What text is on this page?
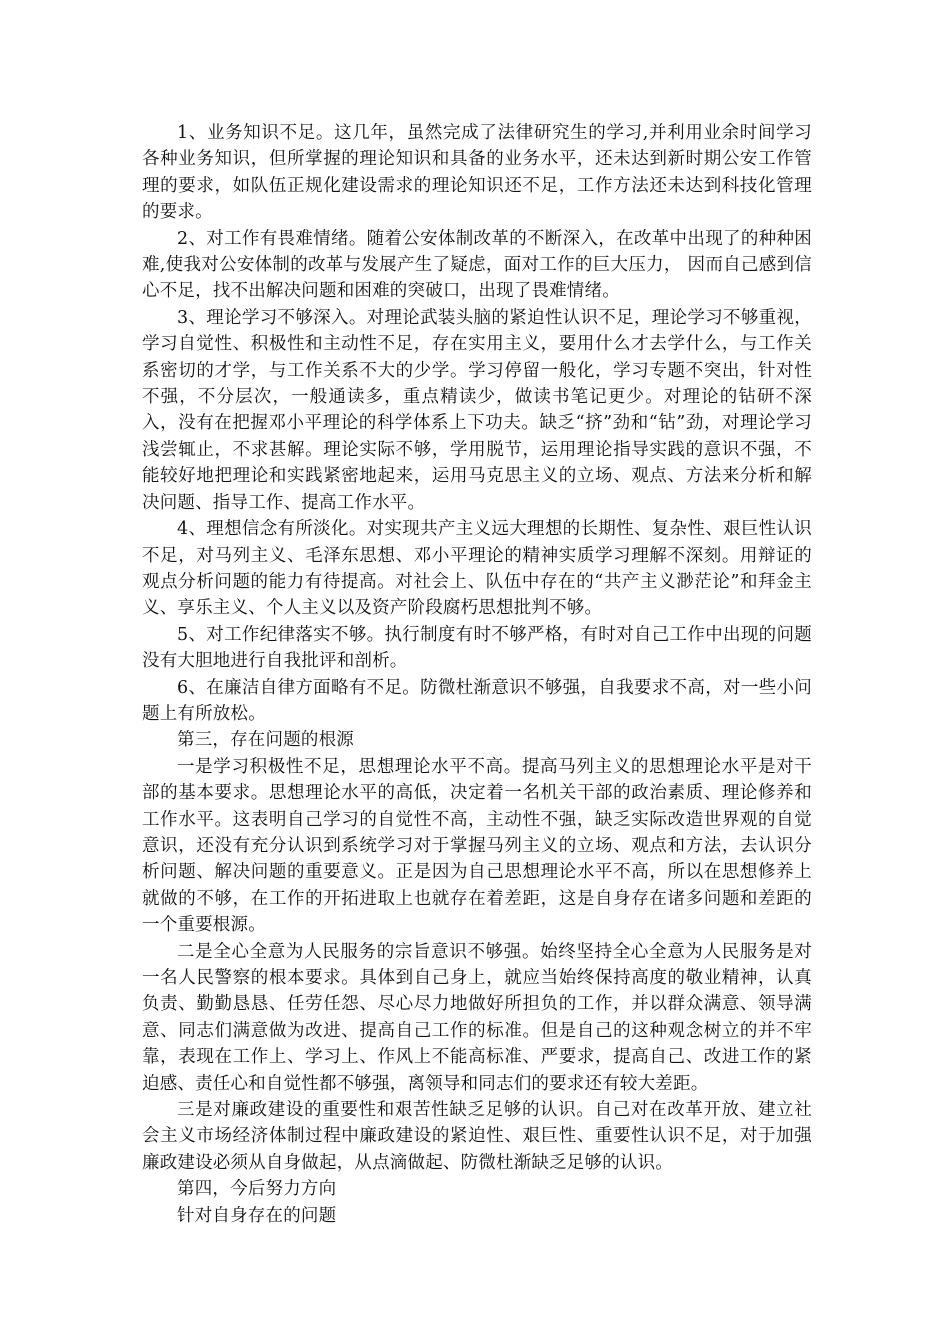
1、业务知识不足。这几年，虽然完成了法律研究生的学习,并利用业余时间学习各种业务知识，但所掌握的理论知识和具备的业务水平，还未达到新时期公安工作管理的要求，如队伍正规化建设需求的理论知识还不足，工作方法还未达到科技化管理的要求。

2、对工作有畏难情绪。随着公安体制改革的不断深入，在改革中出现了的种种困难,使我对公安体制的改革与发展产生了疑虑，面对工作的巨大压力， 因而自己感到信心不足，找不出解决问题和困难的突破口，出现了畏难情绪。

3、理论学习不够深入。对理论武装头脑的紧迫性认识不足，理论学习不够重视，学习自觉性、积极性和主动性不足，存在实用主义，要用什么才去学什么，与工作关系密切的才学，与工作关系不大的少学。学习停留一般化，学习专题不突出，针对性不强，不分层次，一般通读多，重点精读少，做读书笔记更少。对理论的钻研不深入，没有在把握邓小平理论的科学体系上下功夫。缺乏“挤”劲和“钻”劲，对理论学习浅尝辄止，不求甚解。理论实际不够，学用脱节，运用理论指导实践的意识不强，不能较好地把理论和实践紧密地起来，运用马克思主义的立场、观点、方法来分析和解决问题、指导工作、提高工作水平。

4、理想信念有所淡化。对实现共产主义远大理想的长期性、复杂性、艰巨性认识不足，对马列主义、毛泽东思想、邓小平理论的精神实质学习理解不深刻。用辩证的观点分析问题的能力有待提高。对社会上、队伍中存在的“共产主义渺茫论”和拜金主义、享乐主义、个人主义以及资产阶段腐朽思想批判不够。

5、对工作纪律落实不够。执行制度有时不够严格，有时对自己工作中出现的问题没有大胆地进行自我批评和剖析。

6、在廉洁自律方面略有不足。防微杜渐意识不够强，自我要求不高，对一些小问题上有所放松。

第三，存在问题的根源

一是学习积极性不足，思想理论水平不高。提高马列主义的思想理论水平是对干部的基本要求。思想理论水平的高低，决定着一名机关干部的政治素质、理论修养和工作水平。这表明自己学习的自觉性不高，主动性不强，缺乏实际改造世界观的自觉意识，还没有充分认识到系统学习对于掌握马列主义的立场、观点和方法，去认识分析问题、解决问题的重要意义。正是因为自己思想理论水平不高，所以在思想修养上就做的不够，在工作的开拓进取上也就存在着差距，这是自身存在诸多问题和差距的一个重要根源。

二是全心全意为人民服务的宗旨意识不够强。始终坚持全心全意为人民服务是对一名人民警察的根本要求。具体到自己身上，就应当始终保持高度的敬业精神，认真负责、勤勤恳恳、任劳任怨、尽心尽力地做好所担负的工作，并以群众满意、领导满意、同志们满意做为改进、提高自己工作的标准。但是自己的这种观念树立的并不牢靠，表现在工作上、学习上、作风上不能高标准、严要求，提高自己、改进工作的紧迫感、责任心和自觉性都不够强，离领导和同志们的要求还有较大差距。

三是对廉政建设的重要性和艰苦性缺乏足够的认识。自己对在改革开放、建立社会主义市场经济体制过程中廉政建设的紧迫性、艰巨性、重要性认识不足，对于加强廉政建设必须从自身做起，从点滴做起、防微杜渐缺乏足够的认识。

第四，今后努力方向

针对自身存在的问题
